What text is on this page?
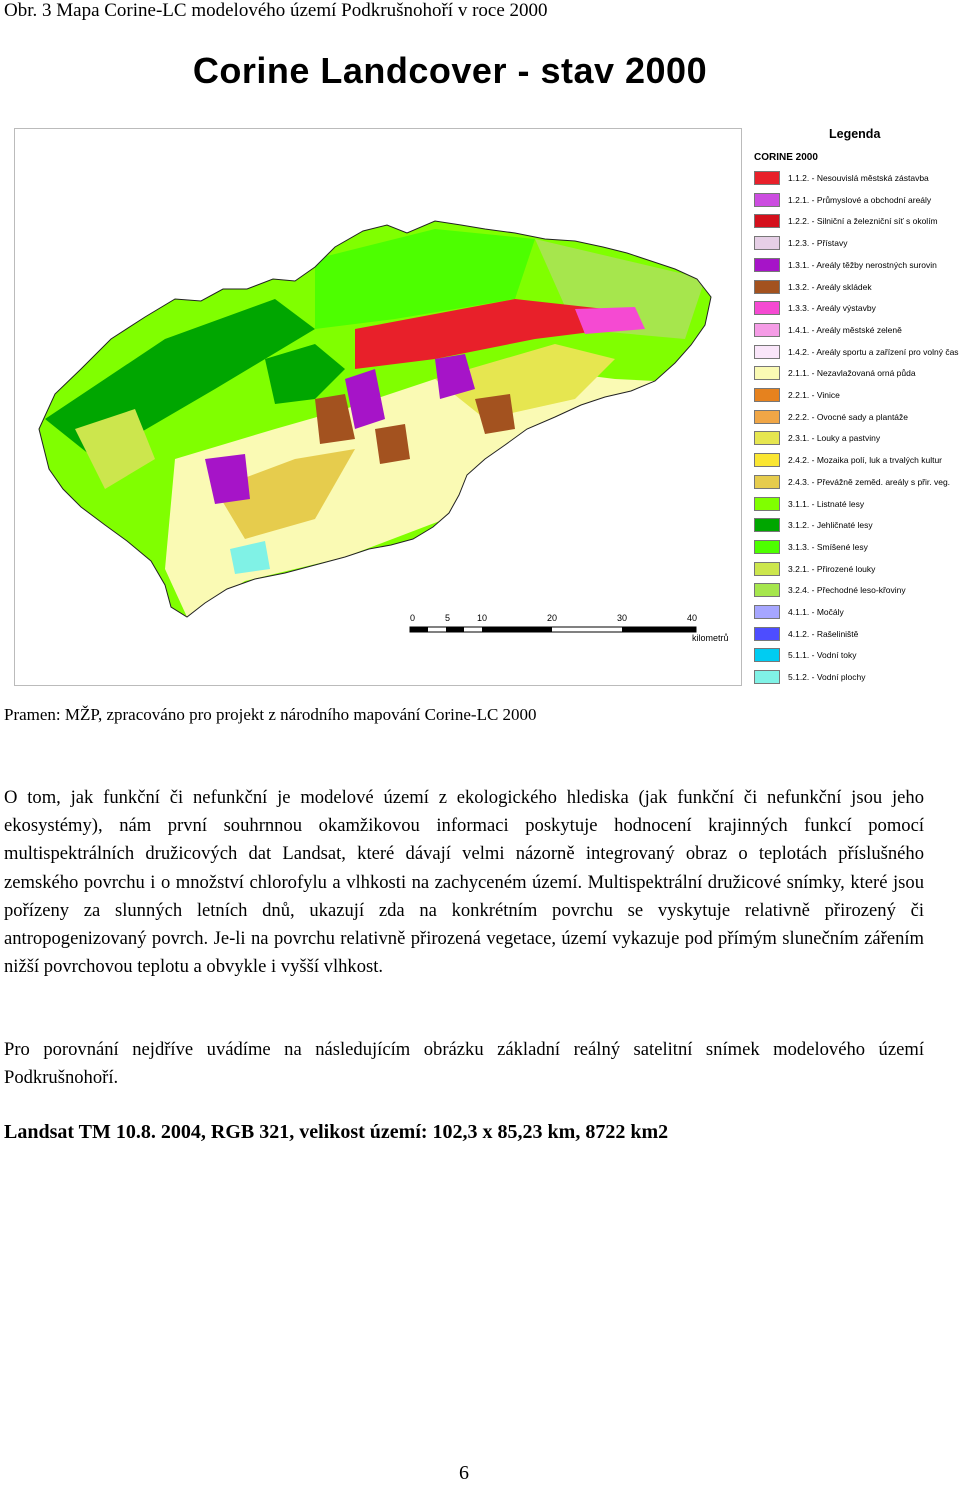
Obr. 3 Mapa Corine-LC modelového území Podkrušnohoří v roce 2000
Corine Landcover - stav 2000
0	5	10	20	30	40
kilometrů
Legenda
CORINE 2000
1.1.2. - Nesouvislá městská zástavba
1.2.1. - Průmyslové a obchodní areály
1.2.2. - Silniční a železniční síť s okolím
1.2.3. - Přístavy
1.3.1. - Areály těžby nerostných surovin
1.3.2. - Areály skládek
1.3.3. - Areály výstavby
1.4.1. - Areály městské zeleně
1.4.2. - Areály sportu a zařízení pro volný čas
2.1.1. - Nezavlažovaná orná půda
2.2.1. - Vinice
2.2.2. - Ovocné sady a plantáže
2.3.1. - Louky a pastviny
2.4.2. - Mozaika polí, luk a trvalých kultur
2.4.3. - Převážně zeměd. areály s přir. veg.
3.1.1. - Listnaté lesy
3.1.2. - Jehličnaté lesy
3.1.3. - Smíšené lesy
3.2.1. - Přirozené louky
3.2.4. - Přechodné leso-křoviny
4.1.1. - Močály
4.1.2. - Rašeliniště
5.1.1. - Vodní toky
5.1.2. - Vodní plochy
Pramen: MŽP, zpracováno pro projekt z národního mapování Corine-LC 2000
O tom, jak funkční či nefunkční je modelové území z ekologického hlediska (jak funkční či nefunkční jsou jeho ekosystémy), nám první souhrnnou okamžikovou informaci poskytuje hodnocení krajinných funkcí pomocí multispektrálních družicových dat Landsat, které dávají velmi názorně integrovaný obraz o teplotách příslušného zemského povrchu i o množství chlorofylu a vlhkosti na zachyceném území. Multispektrální družicové snímky, které jsou pořízeny za slunných letních dnů, ukazují zda na konkrétním povrchu se vyskytuje relativně přirozený či antropogenizovaný povrch. Je-li na povrchu relativně přirozená vegetace, území vykazuje pod přímým slunečním zářením nižší povrchovou teplotu a obvykle i vyšší vlhkost.
Pro porovnání nejdříve uvádíme na následujícím obrázku základní reálný satelitní snímek modelového území Podkrušnohoří.
Landsat TM 10.8. 2004, RGB 321, velikost území: 102,3 x 85,23 km, 8722 km2
6
